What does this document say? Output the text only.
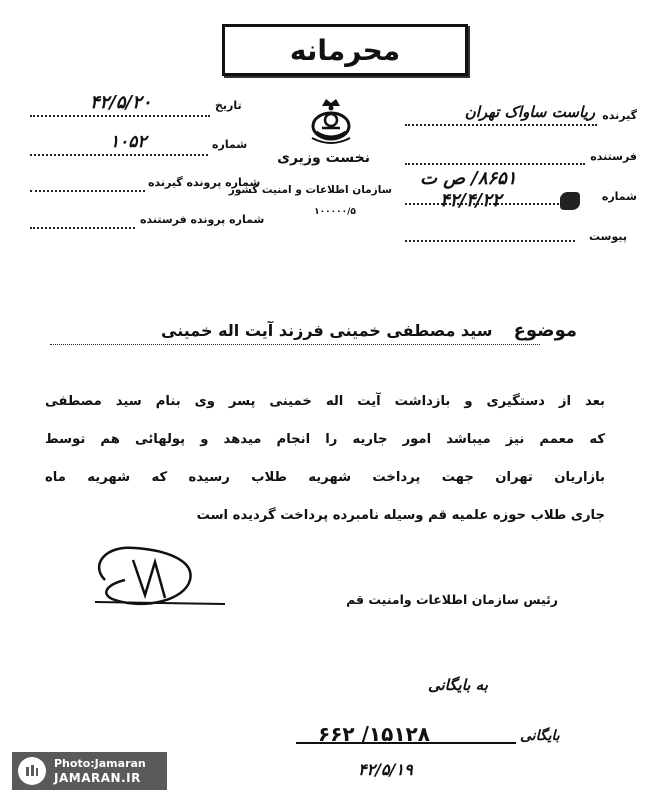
محرمانه
گیرنده
ریاست ساواک تهران
فرستنده
شماره
۸۶۵۱/ ص ت
۴۲/۴/۲۲
پیوست
تاریخ
۴۲/۵/۲۰
شماره
۱۰۵۲
شماره پرونده گیرنده
شماره پرونده فرستنده
نخست وزیری
سازمان اطلاعات و امنیت کشور
۱۰۰۰۰۰/۵
موضوع  سید مصطفی خمینی فرزند آیت اله خمینی
بعد از دستگیری و بازداشت آیت اله خمینی پسر وی بنام سید مصطفی
که معمم نیز میباشد امور جاریه را انجام میدهد و پولهائی هم توسط
بازاریان تهران جهت پرداخت شهریه طلاب رسیده که شهریه ماه
جاری طلاب حوزه علمیه قم وسیله نامبرده پرداخت گردیده است
رئیس سازمان اطلاعات وامنیت قم
به بایگانی
۱۵۱۲۸/ ۶۶۲
۴۲/۵/۱۹
بایگانی
Photo:Jamaran
JAMARAN.IR
